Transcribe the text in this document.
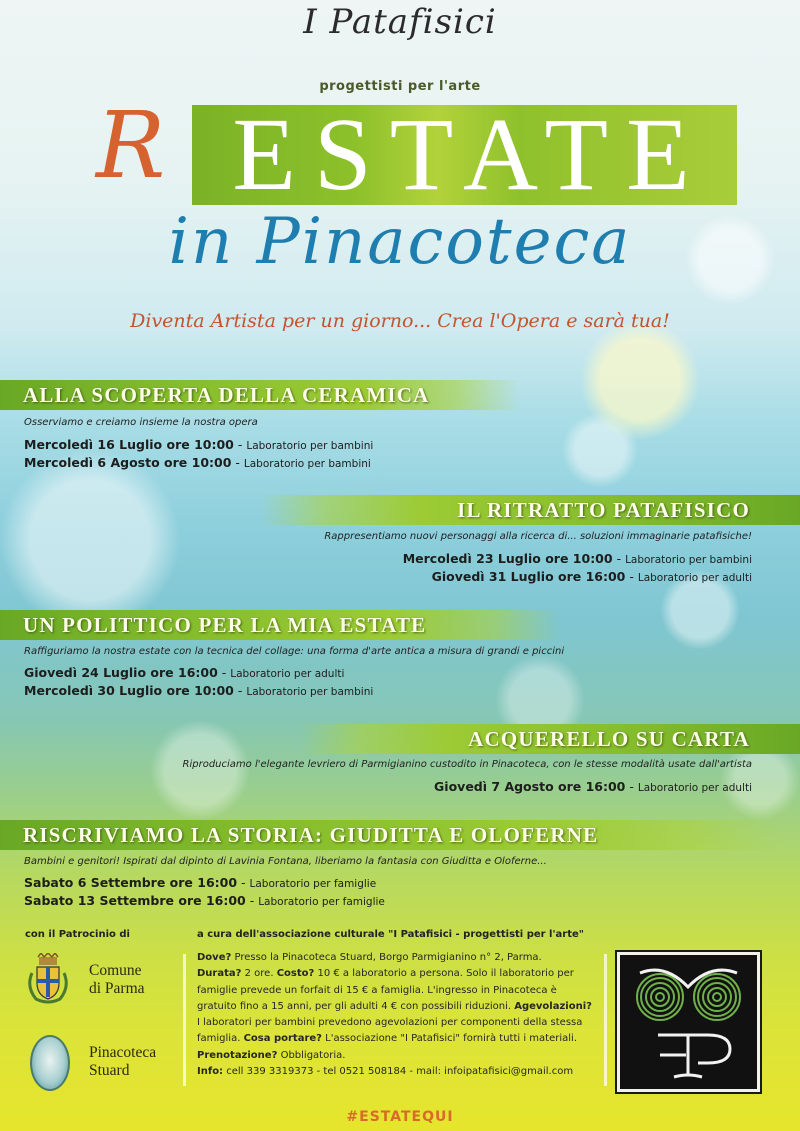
I Patafisici
progettisti per l'arte
R ESTATE
in Pinacoteca
Diventa Artista per un giorno... Crea l'Opera e sarà tua!
ALLA SCOPERTA DELLA CERAMICA
Osserviamo e creiamo insieme la nostra opera
Mercoledì 16 Luglio ore 10:00 - Laboratorio per bambini
Mercoledì 6 Agosto ore 10:00 - Laboratorio per bambini
IL RITRATTO PATAFISICO
Rappresentiamo nuovi personaggi alla ricerca di... soluzioni immaginarie patafisiche!
Mercoledì 23 Luglio ore 10:00 - Laboratorio per bambini
Giovedì 31 Luglio ore 16:00 - Laboratorio per adulti
UN POLITTICO PER LA MIA ESTATE
Raffiguriamo la nostra estate con la tecnica del collage: una forma d'arte antica a misura di grandi e piccini
Giovedì 24 Luglio ore 16:00 - Laboratorio per adulti
Mercoledì 30 Luglio ore 10:00 - Laboratorio per bambini
ACQUERELLO SU CARTA
Riproduciamo l'elegante levriero di Parmigianino custodito in Pinacoteca, con le stesse modalità usate dall'artista
Giovedì 7 Agosto ore 16:00 - Laboratorio per adulti
RISCRIVIAMO LA STORIA: GIUDITTA E OLOFERNE
Bambini e genitori! Ispirati dal dipinto di Lavinia Fontana, liberiamo la fantasia con Giuditta e Oloferne...
Sabato 6 Settembre ore 16:00 - Laboratorio per famiglie
Sabato 13 Settembre ore 16:00 - Laboratorio per famiglie
con il Patrocinio di
Comune
di Parma
Pinacoteca
Stuard
a cura dell'associazione culturale "I Patafisici - progettisti per l'arte"
Dove? Presso la Pinacoteca Stuard, Borgo Parmigianino n° 2, Parma.
Durata? 2 ore. Costo? 10 € a laboratorio a persona. Solo il laboratorio per famiglie prevede un forfait di 15 € a famiglia. L'ingresso in Pinacoteca è gratuito fino a 15 anni, per gli adulti 4 € con possibili riduzioni. Agevolazioni? I laboratori per bambini prevedono agevolazioni per componenti della stessa famiglia. Cosa portare? L'associazione "I Patafisici" fornirà tutti i materiali. Prenotazione? Obbligatoria.
Info: cell 339 3319373 - tel 0521 508184 - mail: infoipatafisici@gmail.com
#ESTATEQUI
